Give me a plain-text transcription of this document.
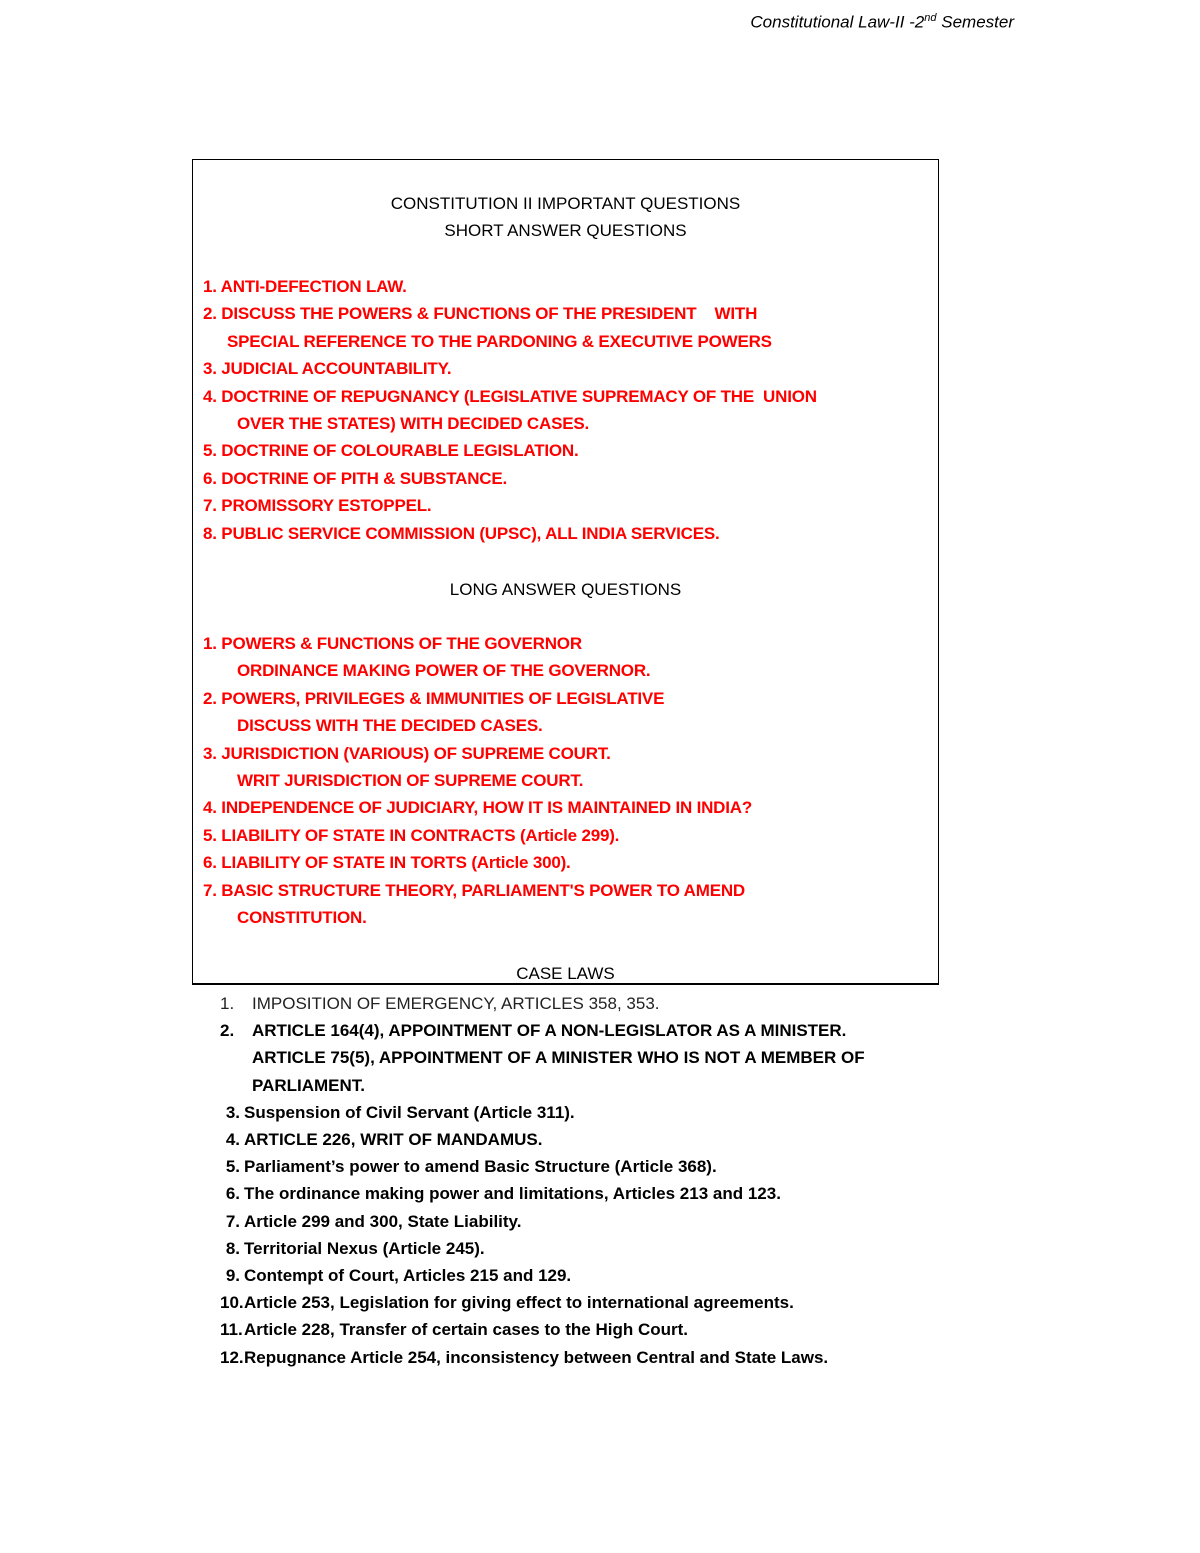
Constitutional Law-II -2nd Semester
CONSTITUTION II IMPORTANT QUESTIONS
SHORT ANSWER QUESTIONS
1. ANTI-DEFECTION LAW.
2. DISCUSS THE POWERS & FUNCTIONS OF THE PRESIDENT    WITH
SPECIAL REFERENCE TO THE PARDONING & EXECUTIVE POWERS
3. JUDICIAL ACCOUNTABILITY.
4. DOCTRINE OF REPUGNANCY (LEGISLATIVE SUPREMACY OF THE  UNION
OVER THE STATES) WITH DECIDED CASES.
5. DOCTRINE OF COLOURABLE LEGISLATION.
6. DOCTRINE OF PITH & SUBSTANCE.
7. PROMISSORY ESTOPPEL.
8. PUBLIC SERVICE COMMISSION (UPSC), ALL INDIA SERVICES.
LONG ANSWER QUESTIONS
1. POWERS & FUNCTIONS OF THE GOVERNOR
ORDINANCE MAKING POWER OF THE GOVERNOR.
2. POWERS, PRIVILEGES & IMMUNITIES OF LEGISLATIVE
DISCUSS WITH THE DECIDED CASES.
3. JURISDICTION (VARIOUS) OF SUPREME COURT.
WRIT JURISDICTION OF SUPREME COURT.
4. INDEPENDENCE OF JUDICIARY, HOW IT IS MAINTAINED IN INDIA?
5. LIABILITY OF STATE IN CONTRACTS (Article 299).
6. LIABILITY OF STATE IN TORTS (Article 300).
7. BASIC STRUCTURE THEORY, PARLIAMENT'S POWER TO AMEND
CONSTITUTION.
CASE LAWS
1. IMPOSITION OF EMERGENCY, ARTICLES 358, 353.
2. ARTICLE 164(4), APPOINTMENT OF A NON-LEGISLATOR AS A MINISTER.
ARTICLE 75(5), APPOINTMENT OF A MINISTER WHO IS NOT A MEMBER OF
PARLIAMENT.
3. Suspension of Civil Servant (Article 311).
4. ARTICLE 226, WRIT OF MANDAMUS.
5. Parliament’s power to amend Basic Structure (Article 368).
6. The ordinance making power and limitations, Articles 213 and 123.
7. Article 299 and 300, State Liability.
8. Territorial Nexus (Article 245).
9. Contempt of Court, Articles 215 and 129.
10.Article 253, Legislation for giving effect to international agreements.
11.Article 228, Transfer of certain cases to the High Court.
12.Repugnance Article 254, inconsistency between Central and State Laws.
